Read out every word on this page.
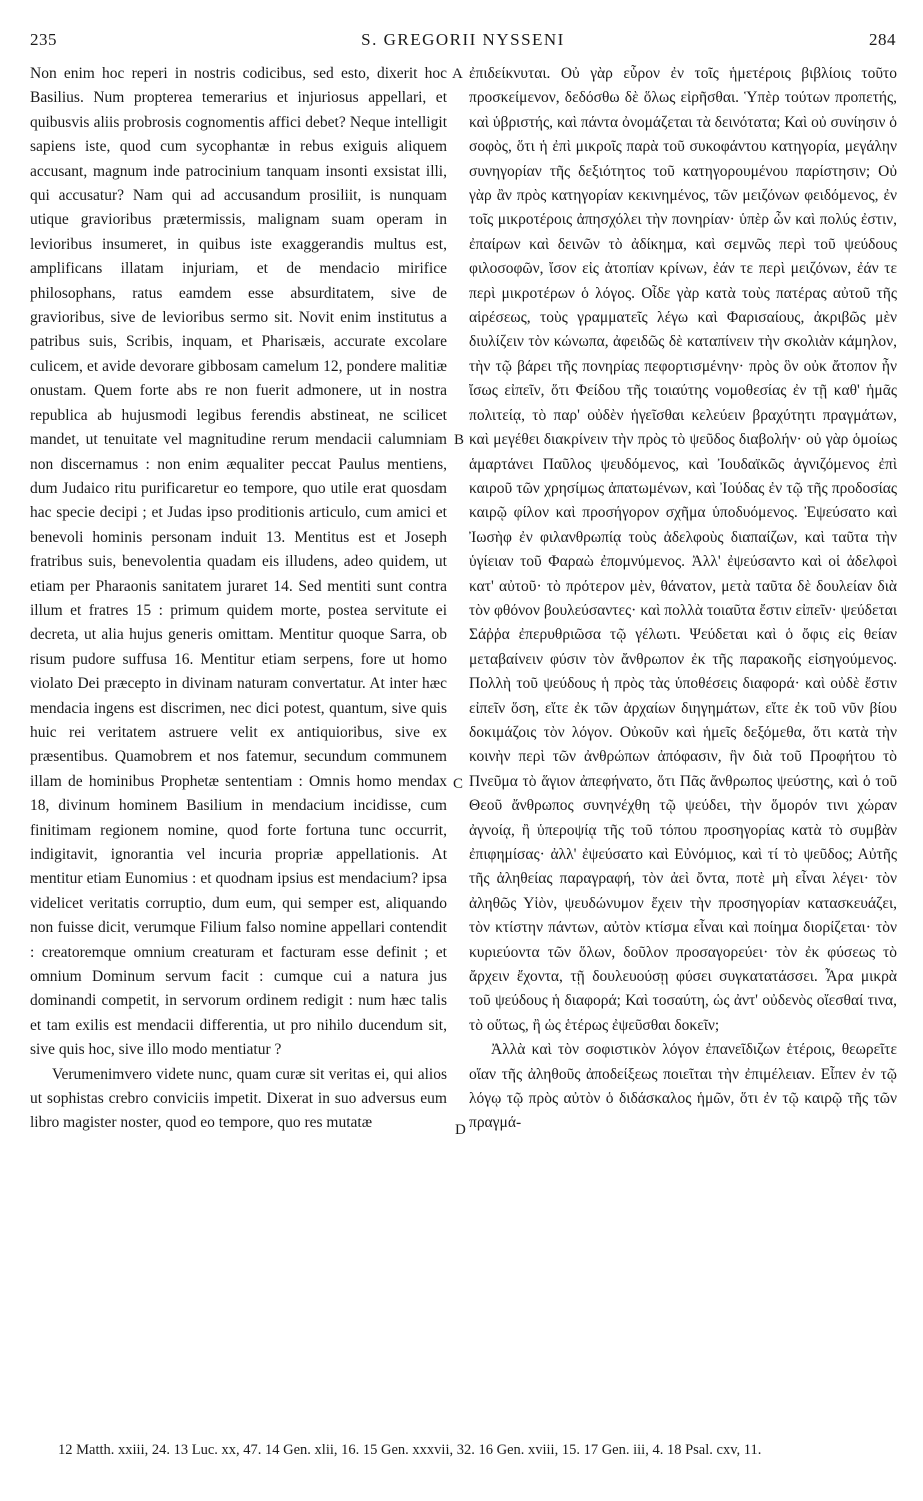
235	S. GREGORII NYSSENI	284

Non enim hoc reperi in nostris codicibus, sed esto, dixerit hoc Basilius. Num propterea temerarius et injuriosus appellari, et quibusvis aliis probrosis cognomentis affici debet? Neque intelligit sapiens iste, quod cum sycophantæ in rebus exiguis aliquem accusant, magnum inde patrocinium tanquam insonti exsistat illi, qui accusatur? Nam qui ad accusandum prosiliit, is nunquam utique gravioribus prætermissis, malignam suam operam in levioribus insumeret, in quibus iste exaggerandis multus est, amplificans illatam injuriam, et de mendacio mirifice philosophans, ratus eamdem esse absurditatem, sive de gravioribus, sive de levioribus sermo sit. Novit enim institutus a patribus suis, Scribis, inquam, et Pharisæis, accurate excolare culicem, et avide devorare gibbosam camelum 12, pondere malitiæ onustam. Quem forte abs re non fuerit admonere, ut in nostra republica ab hujusmodi legibus ferendis abstineat, ne scilicet mandet, ut tenuitate vel magnitudine rerum mendacii calumniam non discernamus : non enim æqualiter peccat Paulus mentiens, dum Judaico ritu purificaretur eo tempore, quo utile erat quosdam hac specie decipi ; et Judas ipso proditionis articulo, cum amici et benevoli hominis personam induit 13. Mentitus est et Joseph fratribus suis, benevolentia quadam eis illudens, adeo quidem, ut etiam per Pharaonis sanitatem juraret 14. Sed mentiti sunt contra illum et fratres 15 : primum quidem morte, postea servitute ei decreta, ut alia hujus generis omittam. Mentitur quoque Sarra, ob risum pudore suffusa 16. Mentitur etiam serpens, fore ut homo violato Dei præcepto in divinam naturam convertatur. At inter hæc mendacia ingens est discrimen, nec dici potest, quantum, sive quis huic rei veritatem astruere velit ex antiquioribus, sive ex præsentibus. Quamobrem et nos fatemur, secundum communem illam de hominibus Prophetæ sententiam : Omnis homo mendax 18, divinum hominem Basilium in mendacium incidisse, cum finitimam regionem nomine, quod forte fortuna tunc occurrit, indigitavit, ignorantia vel incuria propriæ appellationis. At mentitur etiam Eunomius : et quodnam ipsius est mendacium? ipsa videlicet veritatis corruptio, dum eum, qui semper est, aliquando non fuisse dicit, verumque Filium falso nomine appellari contendit : creatoremque omnium creaturam et facturam esse definit ; et omnium Dominum servum facit : cumque cui a natura jus dominandi competit, in servorum ordinem redigit : num hæc talis et tam exilis est mendacii differentia, ut pro nihilo ducendum sit, sive quis hoc, sive illo modo mentiatur ?

Verumenimvero videte nunc, quam curæ sit veritas ei, qui alios ut sophistas crebro conviciis impetit. Dixerat in suo adversus eum libro magister noster, quod eo tempore, quo res mutatæ

ἐπιδείκνυται. Οὐ γὰρ εὗρον ἐν τοῖς ἡμετέροις βιβλίοις τοῦτο προσκείμενον, δεδόσθω δὲ ὅλως εἰρῆσθαι. Ὑπὲρ τούτων προπετής, καὶ ὑβριστής, καὶ πάντα ὀνομάζεται τὰ δεινότατα; Καὶ οὐ συνίησιν ὁ σοφὸς, ὅτι ἡ ἐπὶ μικροῖς παρὰ τοῦ συκοφάντου κατηγορία, μεγάλην συνηγορίαν τῆς δεξιότητος τοῦ κατηγορουμένου παρίστησιν; Οὐ γὰρ ἂν πρὸς κατηγορίαν κεκινημένος, τῶν μειζόνων φειδόμενος, ἐν τοῖς μικροτέροις ἀπησχόλει τὴν πονηρίαν· ὑπὲρ ὧν καὶ πολύς ἐστιν, ἐπαίρων καὶ δεινῶν τὸ ἀδίκημα, καὶ σεμνῶς περὶ τοῦ ψεύδους φιλοσοφῶν, ἴσον εἰς ἀτοπίαν κρίνων, ἐάν τε περὶ μειζόνων, ἐάν τε περὶ μικροτέρων ὁ λόγος. Οἶδε γὰρ κατὰ τοὺς πατέρας αὐτοῦ τῆς αἱρέσεως, τοὺς γραμματεῖς λέγω καὶ Φαρισαίους, ἀκριβῶς μὲν διυλίζειν τὸν κώνωπα, ἀφειδῶς δὲ καταπίνειν τὴν σκολιὰν κάμηλον, τὴν τῷ βάρει τῆς πονηρίας πεφορτισμένην· πρὸς ὃν οὐκ ἄτοπον ἦν ἴσως εἰπεῖν, ὅτι Φείδου τῆς τοιαύτης νομοθεσίας ἐν τῇ καθ' ἡμᾶς πολιτείᾳ, τὸ παρ' οὐδὲν ἡγεῖσθαι κελεύειν βραχύτητι πραγμάτων, καὶ μεγέθει διακρίνειν τὴν πρὸς τὸ ψεῦδος διαβολήν· οὐ γὰρ ὁμοίως ἁμαρτάνει Παῦλος ψευδόμενος, καὶ Ἰουδαϊκῶς ἁγνιζόμενος ἐπὶ καιροῦ τῶν χρησίμως ἀπατωμένων, καὶ Ἰούδας ἐν τῷ τῆς προδοσίας καιρῷ φίλον καὶ προσήγορον σχῆμα ὑποδυόμενος. Ἐψεύσατο καὶ Ἰωσὴφ ἐν φιλανθρωπίᾳ τοὺς ἀδελφοὺς διαπαίζων, καὶ ταῦτα τὴν ὑγίειαν τοῦ Φαραὼ ἐπομνύμενος. Ἀλλ' ἐψεύσαντο καὶ οἱ ἀδελφοὶ κατ' αὐτοῦ· τὸ πρότερον μὲν, θάνατον, μετὰ ταῦτα δὲ δουλείαν διὰ τὸν φθόνον βουλεύσαντες· καὶ πολλὰ τοιαῦτα ἔστιν εἰπεῖν· ψεύδεται Σάῤῥα ἐπερυθριῶσα τῷ γέλωτι. Ψεύδεται καὶ ὁ ὄφις εἰς θείαν μεταβαίνειν φύσιν τὸν ἄνθρωπον ἐκ τῆς παρακοῆς εἰσηγούμενος. Πολλὴ τοῦ ψεύδους ἡ πρὸς τὰς ὑποθέσεις διαφορά· καὶ οὐδὲ ἔστιν εἰπεῖν ὅση, εἴτε ἐκ τῶν ἀρχαίων διηγημάτων, εἴτε ἐκ τοῦ νῦν βίου δοκιμάζοις τὸν λόγον. Οὐκοῦν καὶ ἡμεῖς δεξόμεθα, ὅτι κατὰ τὴν κοινὴν περὶ τῶν ἀνθρώπων ἀπόφασιν, ἣν διὰ τοῦ Προφήτου τὸ Πνεῦμα τὸ ἅγιον ἀπεφήνατο, ὅτι Πᾶς ἄνθρωπος ψεύστης, καὶ ὁ τοῦ Θεοῦ ἄνθρωπος συνηνέχθη τῷ ψεύδει, τὴν ὅμορόν τινι χώραν ἀγνοίᾳ, ἢ ὑπεροψίᾳ τῆς τοῦ τόπου προσηγορίας κατὰ τὸ συμβὰν ἐπιφημίσας· ἀλλ' ἐψεύσατο καὶ Εὐνόμιος, καὶ τί τὸ ψεῦδος; Αὐτῆς τῆς ἀληθείας παραγραφή, τὸν ἀεὶ ὄντα, ποτὲ μὴ εἶναι λέγει· τὸν ἀληθῶς Υἱὸν, ψευδώνυμον ἔχειν τὴν προσηγορίαν κατασκευάζει, τὸν κτίστην πάντων, αὐτὸν κτίσμα εἶναι καὶ ποίημα διορίζεται· τὸν κυριεύοντα τῶν ὅλων, δοῦλον προσαγορεύει· τὸν ἐκ φύσεως τὸ ἄρχειν ἔχοντα, τῇ δουλευούσῃ φύσει συγκατατάσσει. Ἆρα μικρὰ τοῦ ψεύδους ἡ διαφορά; Καὶ τοσαύτη, ὡς ἀντ' οὐδενὸς οἴεσθαί τινα, τὸ οὕτως, ἢ ὡς ἑτέρως ἐψεῦσθαι δοκεῖν;

Ἀλλὰ καὶ τὸν σοφιστικὸν λόγον ἐπανεῖδιζων ἑτέροις, θεωρεῖτε οἵαν τῆς ἀληθοῦς ἀποδείξεως ποιεῖται τὴν ἐπιμέλειαν. Εἶπεν ἐν τῷ λόγῳ τῷ πρὸς αὐτὸν ὁ διδάσκαλος ἡμῶν, ὅτι ἐν τῷ καιρῷ τῆς τῶν πραγμά-

A
B
C
D

12 Matth. xxiii, 24. 13 Luc. xx, 47. 14 Gen. xlii, 16. 15 Gen. xxxvii, 32. 16 Gen. xviii, 15. 17 Gen. iii, 4. 18 Psal. cxv, 11.
